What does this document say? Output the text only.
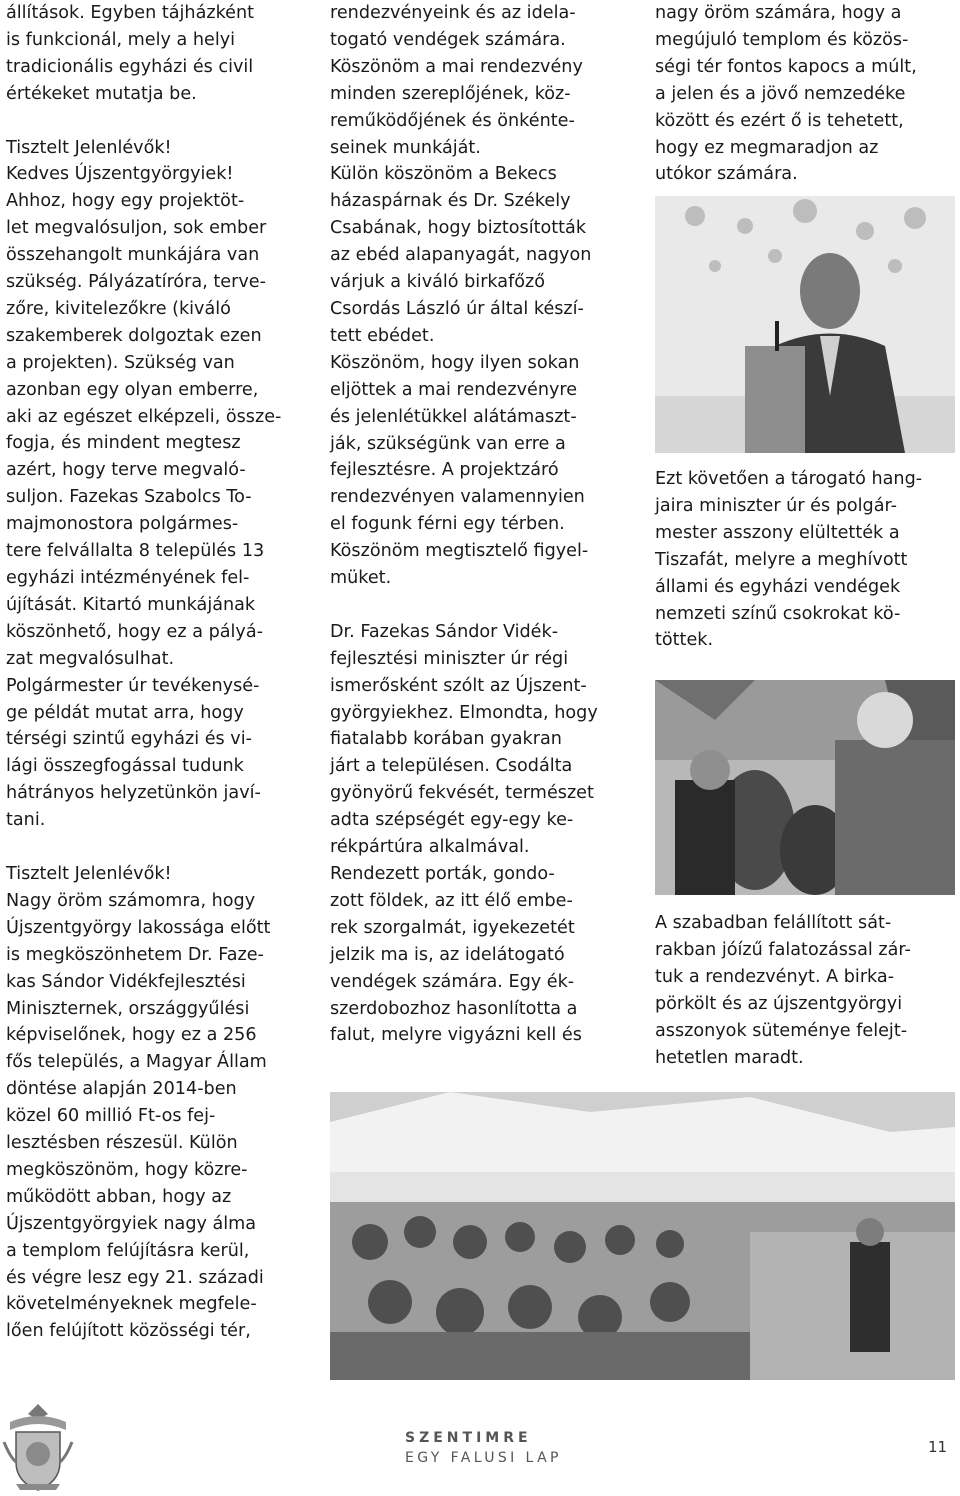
állítások. Egyben tájházként

is funkcionál, mely a helyi

tradicionális egyházi és civil

értékeket mutatja be.

Tisztelt Jelenlévők!

Kedves Újszentgyörgyiek!

Ahhoz, hogy egy projektöt-

let megvalósuljon, sok ember

összehangolt munkájára van

szükség. Pályázatíróra, terve-

zőre, kivitelezőkre (kiváló

szakemberek dolgoztak ezen

a projekten). Szükség van

azonban egy olyan emberre,

aki az egészet elképzeli, össze-

fogja, és mindent megtesz

azért, hogy terve megvaló-

suljon. Fazekas Szabolcs To-

majmonostora polgármes-

tere felvállalta 8 település 13

egyházi intézményének fel-

újítását. Kitartó munkájának

köszönhető, hogy ez a pályá-

zat megvalósulhat.

Polgármester úr tevékenysé-

ge példát mutat arra, hogy

térségi szintű egyházi és vi-

lági összegfogással tudunk

hátrányos helyzetünkön javí-

tani.

Tisztelt Jelenlévők!

Nagy öröm számomra, hogy

Újszentgyörgy lakossága előtt

is megköszönhetem Dr. Faze-

kas Sándor Vidékfejlesztési

Miniszternek, országgyűlési

képviselőnek, hogy ez a 256

fős település, a Magyar Állam

döntése alapján 2014-ben

közel 60 millió Ft-os fej-

lesztésben részesül. Külön

megköszönöm, hogy közre-

működött abban, hogy az

Újszentgyörgyiek nagy álma

a templom felújításra kerül,

és végre lesz egy 21. századi

követelményeknek megfele-

lően felújított közösségi tér,

rendezvényeink és az idela-

togató vendégek számára.

Köszönöm a mai rendezvény

minden szereplőjének, köz-

reműködőjének és önkénte-

seinek munkáját.

Külön köszönöm a Bekecs

házaspárnak és Dr. Székely

Csabának, hogy biztosították

az ebéd alapanyagát, nagyon

várjuk a kiváló birkafőző

Csordás László úr által készí-

tett ebédet.

Köszönöm, hogy ilyen sokan

eljöttek a mai rendezvényre

és jelenlétükkel alátámaszt-

ják, szükségünk van erre a

fejlesztésre. A projektzáró

rendezvényen valamennyien

el fogunk férni egy térben.

Köszönöm megtisztelő figyel-

müket.

Dr. Fazekas Sándor Vidék-

fejlesztési miniszter úr régi

ismerősként szólt az Újszent-

györgyiekhez. Elmondta, hogy

fiatalabb korában gyakran

járt a településen. Csodálta

gyönyörű fekvését, természet

adta szépségét egy-egy ke-

rékpártúra alkalmával.

Rendezett porták, gondo-

zott földek, az itt élő embe-

rek szorgalmát, igyekezetét

jelzik ma is, az idelátogató

vendégek számára. Egy ék-

szerdobozhoz hasonlította a

falut, melyre vigyázni kell és

nagy öröm számára, hogy a

megújuló templom és közös-

ségi tér fontos kapocs a múlt,

a jelen és a jövő nemzedéke

között és ezért ő is tehetett,

hogy ez megmaradjon az

utókor számára.

Ezt követően a tárogató hang-

jaira miniszter úr és polgár-

mester asszony elültették a

Tiszafát, melyre a meghívott

állami és egyházi vendégek

nemzeti színű csokrokat kö-

töttek.

A szabadban felállított sát-

rakban jóízű falatozással zár-

tuk a rendezvényt. A birka-

pörkölt és az újszentgyörgyi

asszonyok süteménye felejt-

hetetlen maradt.

SZENTIMRE
EGY FALUSI LAP
11
